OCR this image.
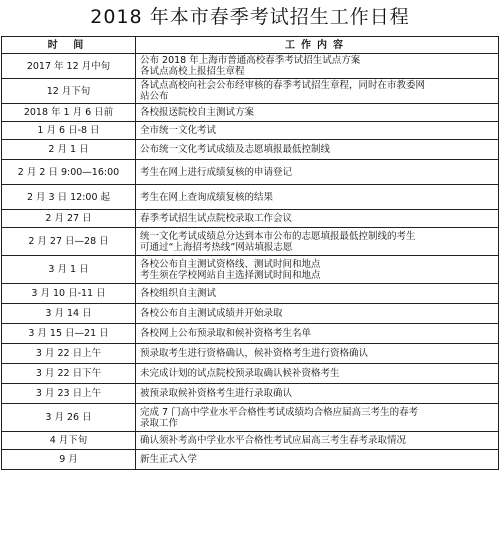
2018 年本市春季考试招生工作日程
时 间	工作内容
2017 年 12 月中旬	公布 2018 年上海市普通高校春季考试招生试点方案
各试点高校上报招生章程

12 月下旬	各试点高校向社会公布经审核的春季考试招生章程，同时在市教委网
站公布

2018 年 1 月 6 日前	各校报送院校自主测试方案

1 月 6 日-8 日	全市统一文化考试

2 月 1 日	公布统一文化考试成绩及志愿填报最低控制线

2 月 2 日 9:00—16:00	考生在网上进行成绩复核的申请登记

2 月 3 日 12:00 起	考生在网上查询成绩复核的结果

2 月 27 日	春季考试招生试点院校录取工作会议

2 月 27 日—28 日	统一文化考试成绩总分达到本市公布的志愿填报最低控制线的考生
可通过“上海招考热线”网站填报志愿

3 月 1 日	各校公布自主测试资格线、测试时间和地点
考生须在学校网站自主选择测试时间和地点

3 月 10 日-11 日	各校组织自主测试

3 月 14 日	各校公布自主测试成绩并开始录取

3 月 15 日—21 日	各校网上公布预录取和候补资格考生名单

3 月 22 日上午	预录取考生进行资格确认，候补资格考生进行资格确认

3 月 22 日下午	未完成计划的试点院校预录取确认候补资格考生

3 月 23 日上午	被预录取候补资格考生进行录取确认

3 月 26 日	完成 7 门高中学业水平合格性考试成绩均合格应届高三考生的春考
录取工作

4 月下旬	确认须补考高中学业水平合格性考试应届高三考生春考录取情况

9 月	新生正式入学
